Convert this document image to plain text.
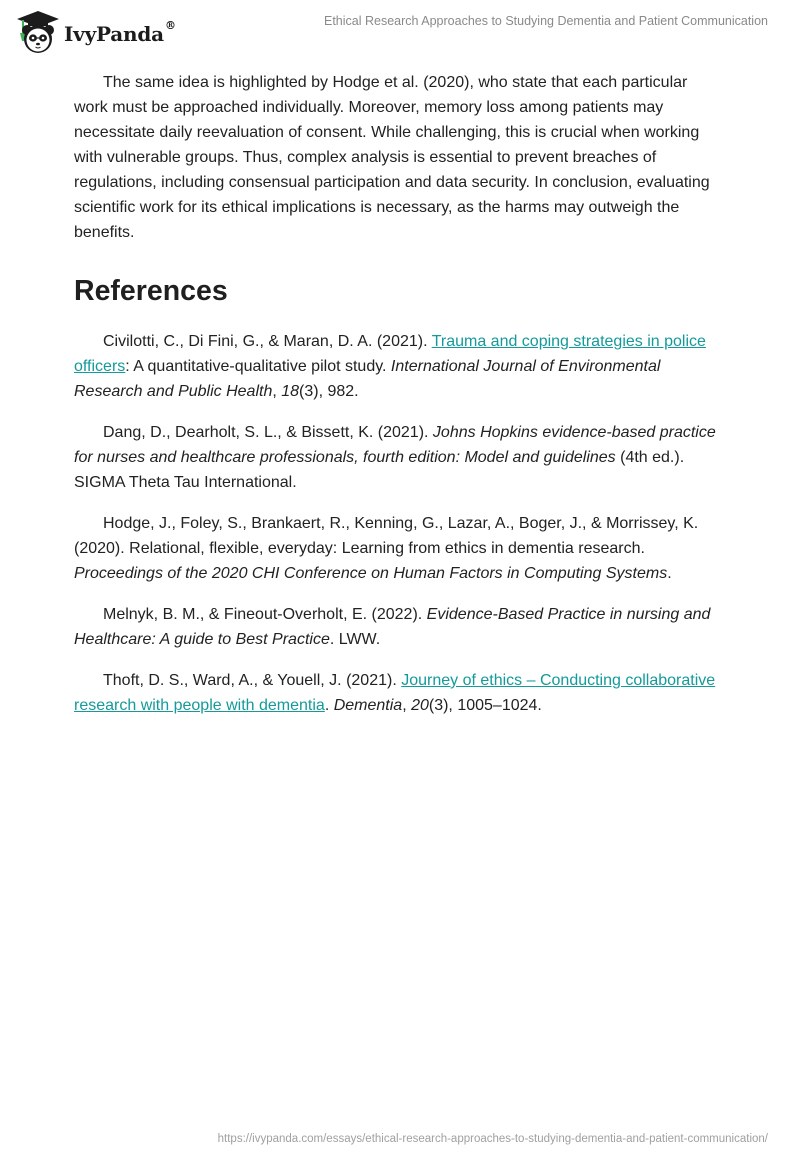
IvyPanda®	Ethical Research Approaches to Studying Dementia and Patient Communication

The same idea is highlighted by Hodge et al. (2020), who state that each particular work must be approached individually. Moreover, memory loss among patients may necessitate daily reevaluation of consent. While challenging, this is crucial when working with vulnerable groups. Thus, complex analysis is essential to prevent breaches of regulations, including consensual participation and data security. In conclusion, evaluating scientific work for its ethical implications is necessary, as the harms may outweigh the benefits.

References

Civilotti, C., Di Fini, G., & Maran, D. A. (2021). Trauma and coping strategies in police officers: A quantitative-qualitative pilot study. International Journal of Environmental Research and Public Health, 18(3), 982.

Dang, D., Dearholt, S. L., & Bissett, K. (2021). Johns Hopkins evidence-based practice for nurses and healthcare professionals, fourth edition: Model and guidelines (4th ed.). SIGMA Theta Tau International.

Hodge, J., Foley, S., Brankaert, R., Kenning, G., Lazar, A., Boger, J., & Morrissey, K. (2020). Relational, flexible, everyday: Learning from ethics in dementia research. Proceedings of the 2020 CHI Conference on Human Factors in Computing Systems.

Melnyk, B. M., & Fineout-Overholt, E. (2022). Evidence-Based Practice in nursing and Healthcare: A guide to Best Practice. LWW.

Thoft, D. S., Ward, A., & Youell, J. (2021). Journey of ethics – Conducting collaborative research with people with dementia. Dementia, 20(3), 1005–1024.

https://ivypanda.com/essays/ethical-research-approaches-to-studying-dementia-and-patient-communication/
